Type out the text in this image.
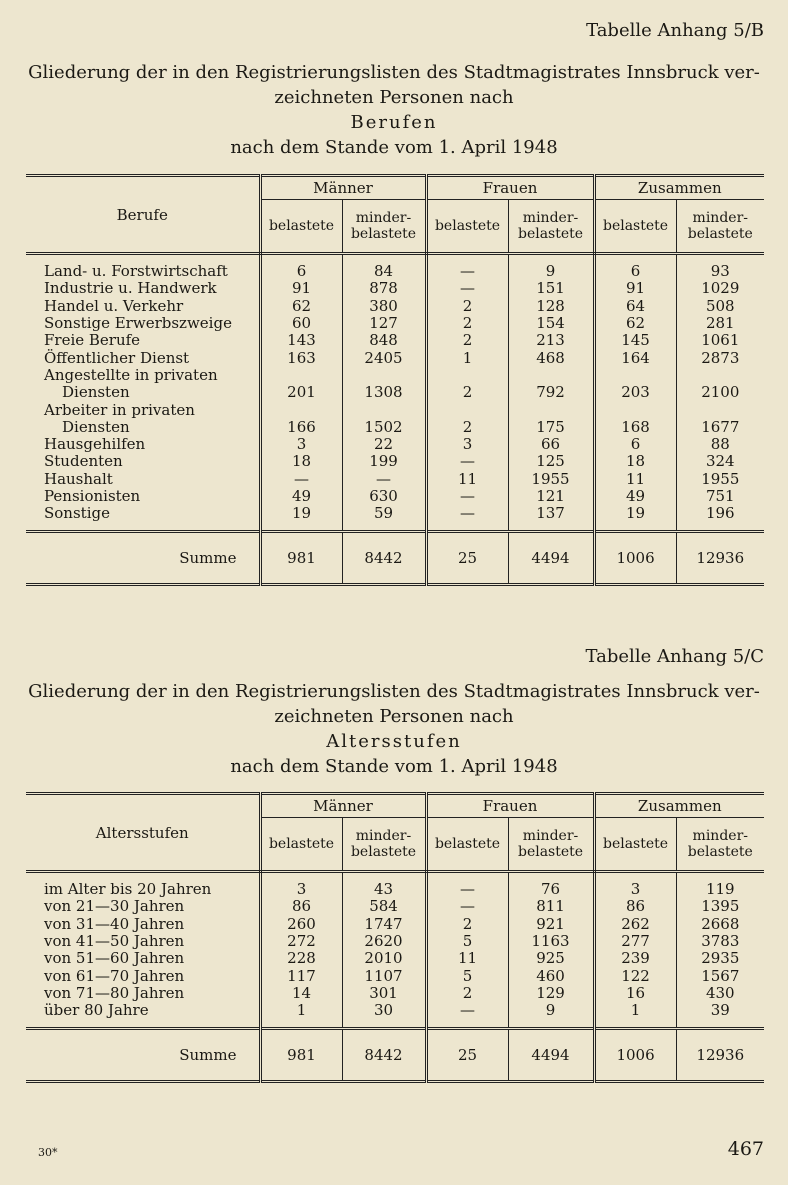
Tabelle Anhang 5/B
Gliederung der in den Registrierungslisten des Stadtmagistrates Innsbruck ver-
zeichneten Personen nach
Berufen
nach dem Stande vom 1. April 1948
Berufe	Männer		Frauen		Zusammen	
	belastete	minder-belastete	belastete	minder-belastete	belastete	minder-belastete

Land- u. Forstwirtschaft	6	84	—	9	6	93
Industrie u. Handwerk	91	878	—	151	91	1029
Handel u. Verkehr	62	380	2	128	64	508
Sonstige Erwerbszweige	60	127	2	154	62	281
Freie Berufe	143	848	2	213	145	1061
Öffentlicher Dienst	163	2405	1	468	164	2873
Angestellte in privaten						
Diensten	201	1308	2	792	203	2100
Arbeiter in privaten						
Diensten	166	1502	2	175	168	1677
Hausgehilfen	3	22	3	66	6	88
Studenten	18	199	—	125	18	324
Haushalt	—	—	11	1955	11	1955
Pensionisten	49	630	—	121	49	751
Sonstige	19	59	—	137	19	196

Summe	981	8442	25	4494	1006	12936
Tabelle Anhang 5/C
Gliederung der in den Registrierungslisten des Stadtmagistrates Innsbruck ver-
zeichneten Personen nach
Altersstufen
nach dem Stande vom 1. April 1948
Altersstufen	Männer		Frauen		Zusammen	
	belastete	minder-belastete	belastete	minder-belastete	belastete	minder-belastete

im Alter bis 20 Jahren	3	43	—	76	3	119
von 21—30 Jahren	86	584	—	811	86	1395
von 31—40 Jahren	260	1747	2	921	262	2668
von 41—50 Jahren	272	2620	5	1163	277	3783
von 51—60 Jahren	228	2010	11	925	239	2935
von 61—70 Jahren	117	1107	5	460	122	1567
von 71—80 Jahren	14	301	2	129	16	430
über 80 Jahre	1	30	—	9	1	39

Summe	981	8442	25	4494	1006	12936
30*	467
